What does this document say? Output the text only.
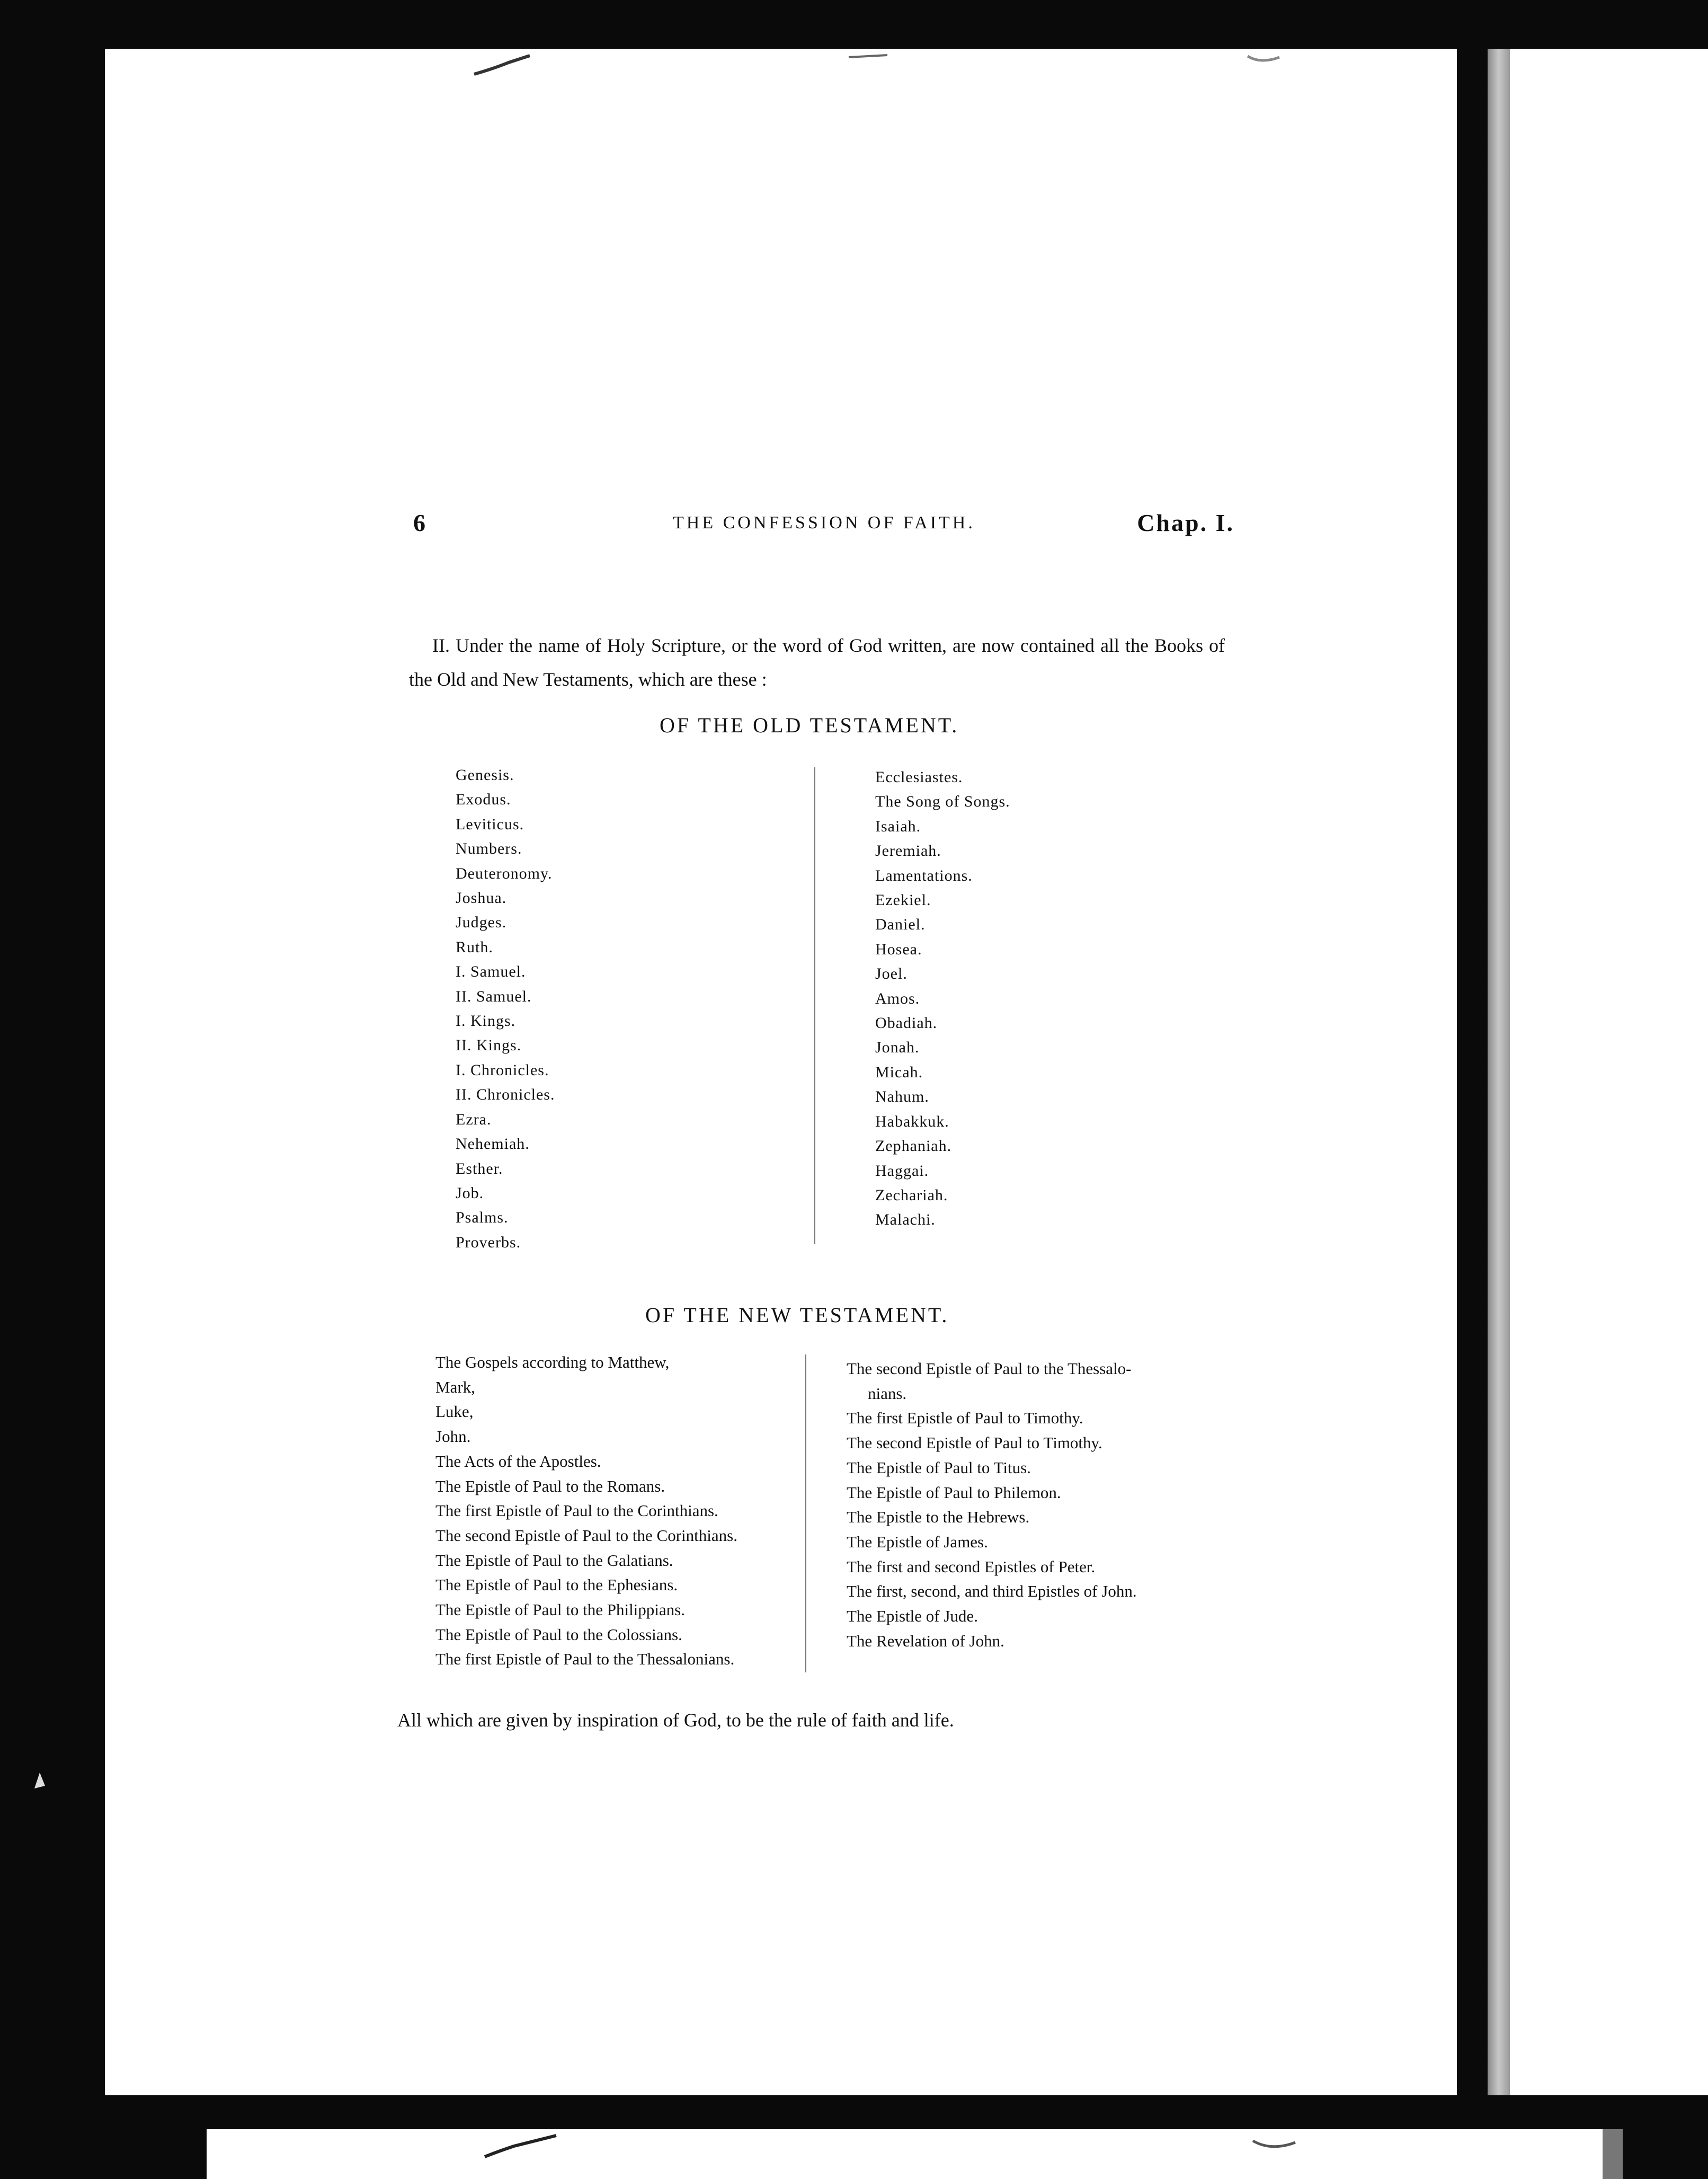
6	THE CONFESSION OF FAITH.	Chap. I.

II. Under the name of Holy Scripture, or the word of God written, are now contained all the Books of the Old and New Testaments, which are these :

OF THE OLD TESTAMENT.
Genesis.
Exodus.
Leviticus.
Numbers.
Deuteronomy.
Joshua.
Judges.
Ruth.
I. Samuel.
II. Samuel.
I. Kings.
II. Kings.
I. Chronicles.
II. Chronicles.
Ezra.
Nehemiah.
Esther.
Job.
Psalms.
Proverbs.
Ecclesiastes.
The Song of Songs.
Isaiah.
Jeremiah.
Lamentations.
Ezekiel.
Daniel.
Hosea.
Joel.
Amos.
Obadiah.
Jonah.
Micah.
Nahum.
Habakkuk.
Zephaniah.
Haggai.
Zechariah.
Malachi.
OF THE NEW TESTAMENT.
The Gospels according to Matthew,
Mark,
Luke,
John.
The Acts of the Apostles.
The Epistle of Paul to the Romans.
The first Epistle of Paul to the Corinthians.
The second Epistle of Paul to the Corinthians.
The Epistle of Paul to the Galatians.
The Epistle of Paul to the Ephesians.
The Epistle of Paul to the Philippians.
The Epistle of Paul to the Colossians.
The first Epistle of Paul to the Thessalonians.
The second Epistle of Paul to the Thessalo-
nians.
The first Epistle of Paul to Timothy.
The second Epistle of Paul to Timothy.
The Epistle of Paul to Titus.
The Epistle of Paul to Philemon.
The Epistle to the Hebrews.
The Epistle of James.
The first and second Epistles of Peter.
The first, second, and third Epistles of John.
The Epistle of Jude.
The Revelation of John.
All which are given by inspiration of God, to be the rule of faith and life.
